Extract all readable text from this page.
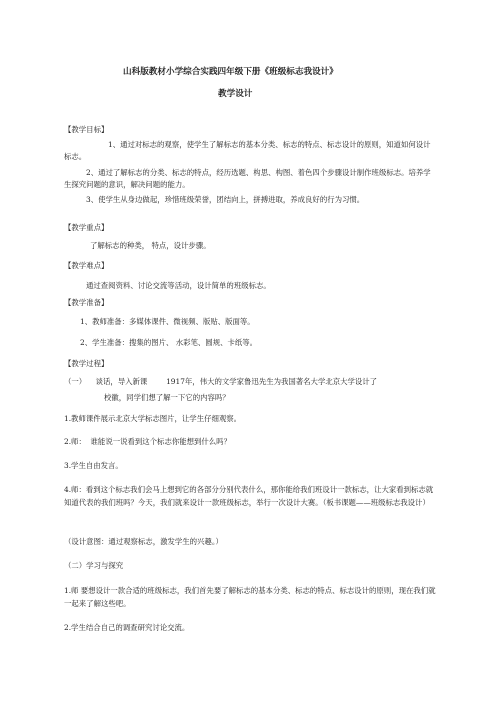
山科版教材小学综合实践四年级下册《班级标志我设计》
教学设计
【教学目标】
1、通过对标志的观察，使学生了解标志的基本分类、标志的特点、标志设计的原则，知道如何设计标志。
2、通过了解标志的分类、标志的特点，经历选题、构思、构图、着色四个步骤设计制作班级标志。培养学生探究问题的意识，解决问题的能力。
3、使学生从身边做起，珍惜班级荣誉，团结向上，拼搏进取，养成良好的行为习惯。
【教学重点】
了解标志的种类， 特点，设计步骤。
【教学难点】
通过查阅资料、讨论交流等活动，设计简单的班级标志。
【教学准备】
1、教师准备：多媒体课件、微视频、版贴、版面等。
2、学生准备：搜集的图片、 水彩笔、圆规、卡纸等。
【教学过程】
（一）    谈话，导入新课        1917年，伟大的文学家鲁迅先生为我国著名大学北京大学设计了
校徽，同学们想了解一下它的内容吗？
1.教师课件展示北京大学标志图片，让学生仔细观察。
2.师：  谁能说一说看到这个标志你能想到什么吗？
3.学生自由发言。
4.师：看到这个标志我们会马上想到它的各部分分别代表什么，那你能给我们班设计一款标志，让大家看到标志就知道代表的我们班吗？今天，我们就来设计一款班级标志，举行一次设计大赛。（板书课题——班级标志我设计）
（设计意图：通过观察标志，激发学生的兴趣。）
（二）学习与探究
1.师 要想设计一款合适的班级标志，我们首先要了解标志的基本分类、标志的特点、标志设计的原则，现在我们就一起来了解这些吧。
2.学生结合自己的调查研究讨论交流。
